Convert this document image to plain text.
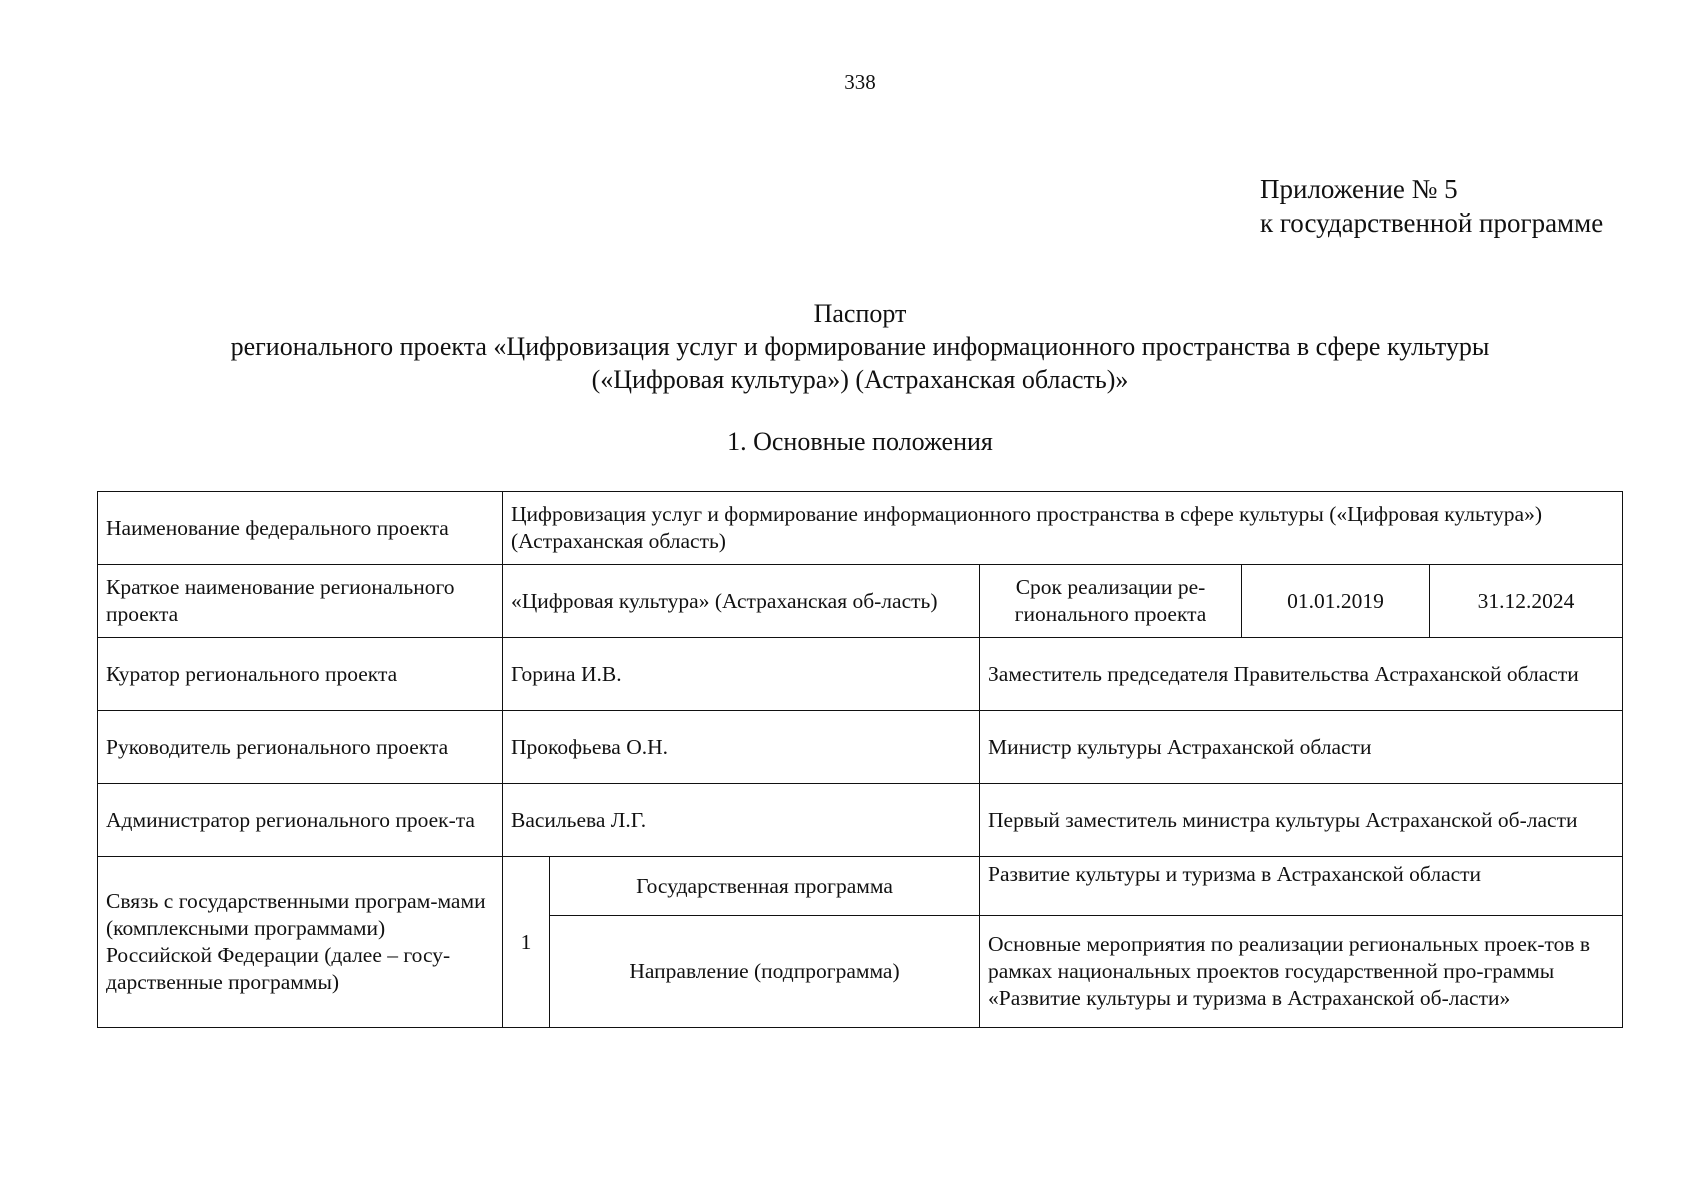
338
Приложение № 5
к государственной программе
Паспорт
регионального проекта «Цифровизация услуг и формирование информационного пространства в сфере культуры
(«Цифровая культура») (Астраханская область)»
1. Основные положения
Наименование федерального проекта	Цифровизация услуг и формирование информационного пространства в сфере культуры («Цифровая культура») (Астраханская область)				
Краткое наименование регионального проекта	«Цифровая культура» (Астраханская об-ласть)		Срок реализации ре-гионального проекта	01.01.2019	31.12.2024
Куратор регионального проекта	Горина И.В.		Заместитель председателя Правительства Астраханской области		
Руководитель регионального проекта	Прокофьева О.Н.		Министр культуры Астраханской области		
Администратор регионального проек-та	Васильева Л.Г.		Первый заместитель министра культуры Астраханской об-ласти		
Связь с государственными програм-мами (комплексными программами) Российской Федерации (далее – госу-дарственные программы)	1	Государственная программа	Развитие культуры и туризма в Астраханской области		
		Направление (подпрограмма)	Основные мероприятия по реализации региональных проек-тов в рамках национальных проектов государственной про-граммы «Развитие культуры и туризма в Астраханской об-ласти»		
